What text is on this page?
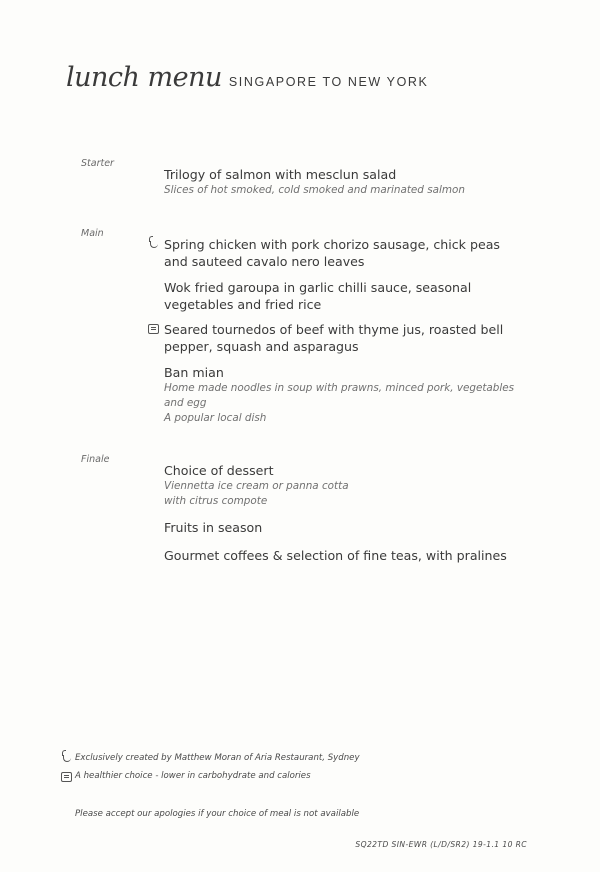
lunch menu SINGAPORE TO NEW YORK
Starter
Trilogy of salmon with mesclun salad
Slices of hot smoked, cold smoked and marinated salmon
Main
Spring chicken with pork chorizo sausage, chick peas
and sauteed cavalo nero leaves
Wok fried garoupa in garlic chilli sauce, seasonal
vegetables and fried rice
Seared tournedos of beef with thyme jus, roasted bell
pepper, squash and asparagus
Ban mian
Home made noodles in soup with prawns, minced pork, vegetables
and egg
A popular local dish
Finale
Choice of dessert
Viennetta ice cream or panna cotta
with citrus compote
Fruits in season
Gourmet coffees & selection of fine teas, with pralines
Exclusively created by Matthew Moran of Aria Restaurant, Sydney
A healthier choice - lower in carbohydrate and calories
Please accept our apologies if your choice of meal is not available
SQ22TD SIN-EWR (L/D/SR2) 19-1.1 10 RC
